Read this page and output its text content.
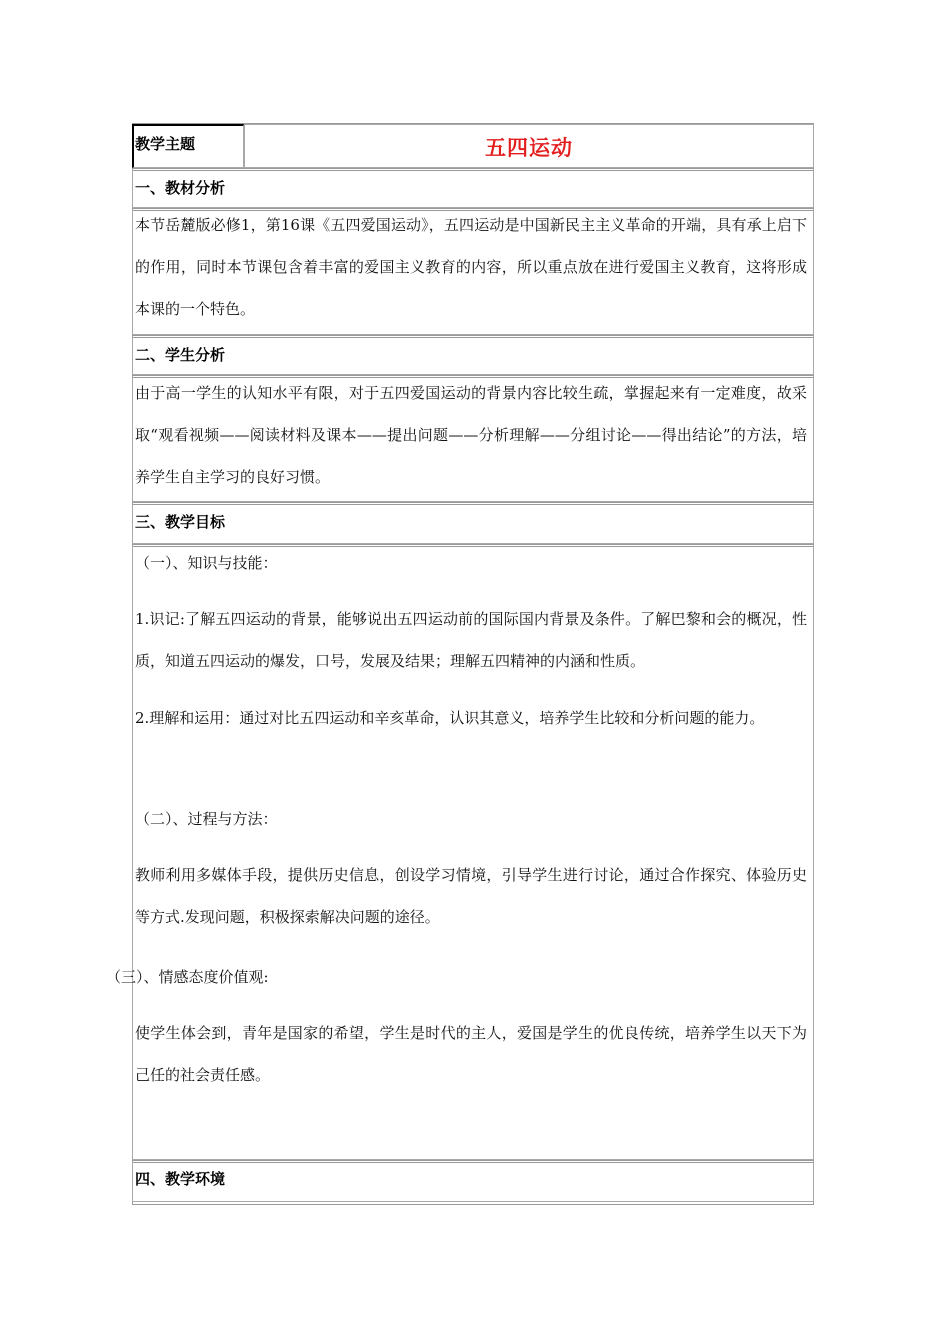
教学主题	五四运动
一、教材分析
本节岳麓版必修1，第16课《五四爱国运动》，五四运动是中国新民主主义革命的开端，具有承上启下的作用，同时本节课包含着丰富的爱国主义教育的内容，所以重点放在进行爱国主义教育，这将形成本课的一个特色。
二、学生分析
由于高一学生的认知水平有限，对于五四爱国运动的背景内容比较生疏，掌握起来有一定难度，故采取“观看视频——阅读材料及课本——提出问题——分析理解——分组讨论——得出结论”的方法，培养学生自主学习的良好习惯。
三、教学目标
（一）、知识与技能：
1.识记:了解五四运动的背景，能够说出五四运动前的国际国内背景及条件。了解巴黎和会的概况，性质，知道五四运动的爆发，口号，发展及结果；理解五四精神的内涵和性质。
2.理解和运用：通过对比五四运动和辛亥革命，认识其意义，培养学生比较和分析问题的能力。
（二）、过程与方法：
教师利用多媒体手段，提供历史信息，创设学习情境，引导学生进行讨论，通过合作探究、体验历史等方式.发现问题，积极探索解决问题的途径。
（三）、情感态度价值观:
使学生体会到，青年是国家的希望，学生是时代的主人，爱国是学生的优良传统，培养学生以天下为己任的社会责任感。
四、教学环境
